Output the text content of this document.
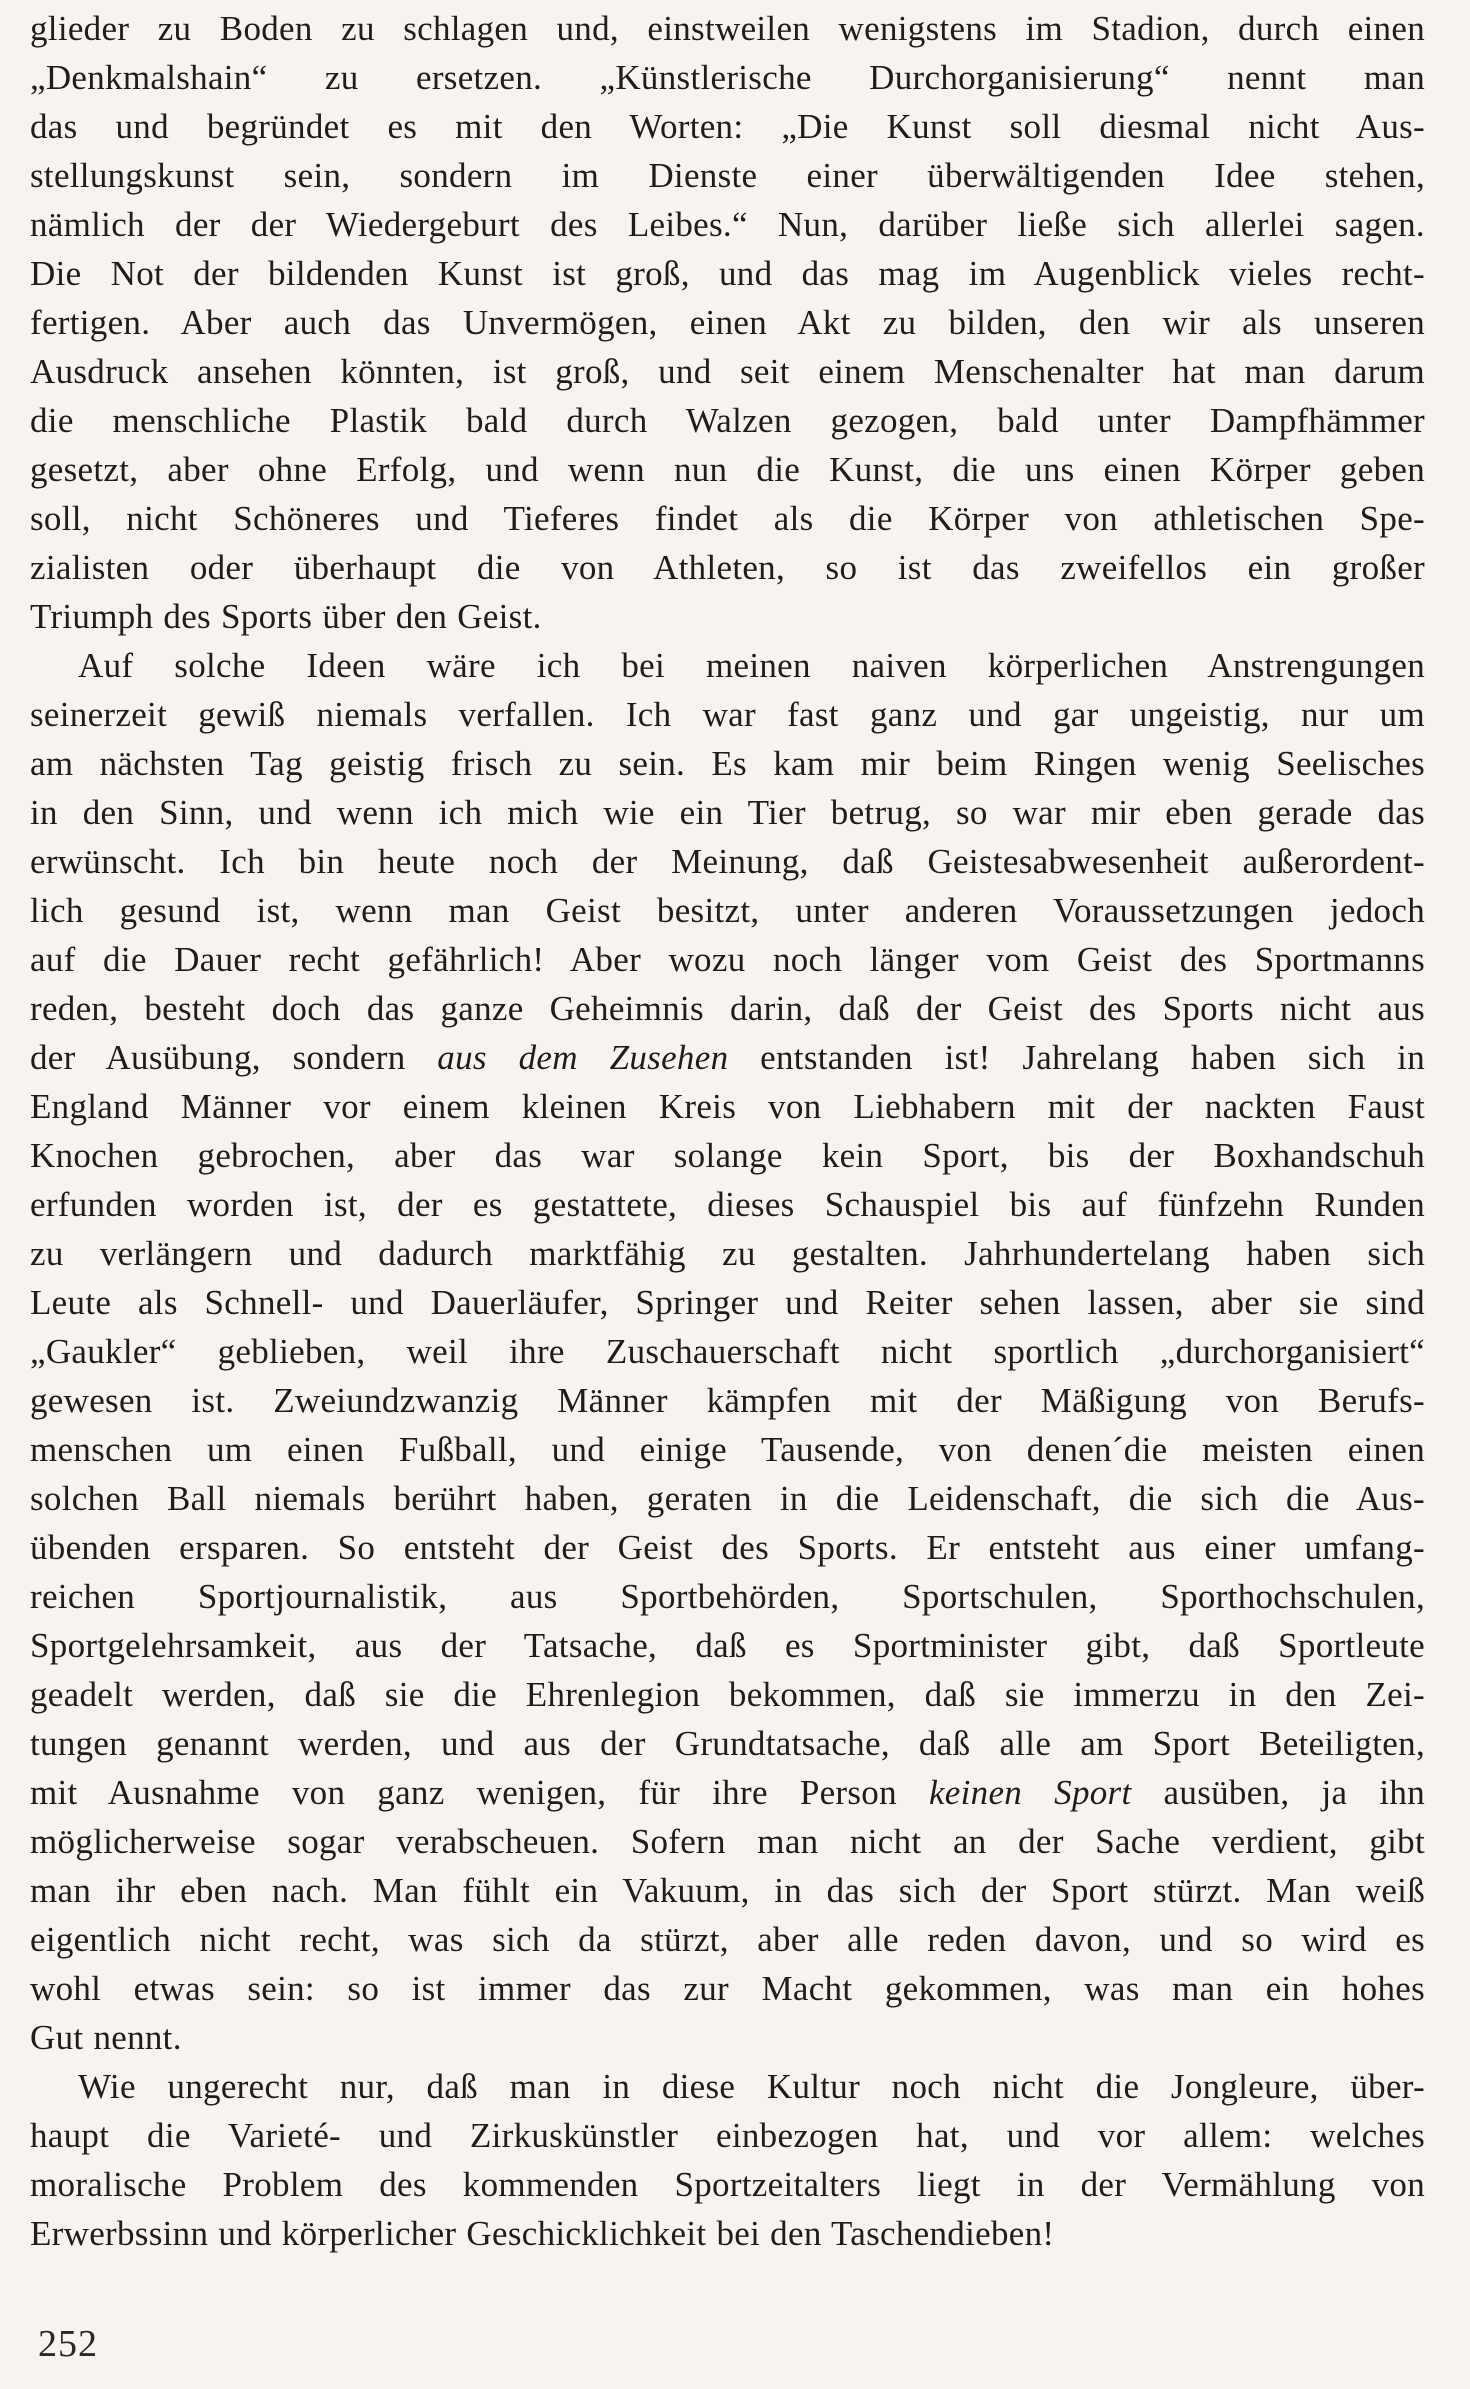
glieder zu Boden zu schlagen und, einstweilen wenigstens im Stadion, durch einen
„Denkmalshain“ zu ersetzen. „Künstlerische Durchorganisierung“ nennt man
das und begründet es mit den Worten: „Die Kunst soll diesmal nicht Aus-
stellungskunst sein, sondern im Dienste einer überwältigenden Idee stehen,
nämlich der der Wiedergeburt des Leibes.“ Nun, darüber ließe sich allerlei sagen.
Die Not der bildenden Kunst ist groß, und das mag im Augenblick vieles recht-
fertigen. Aber auch das Unvermögen, einen Akt zu bilden, den wir als unseren
Ausdruck ansehen könnten, ist groß, und seit einem Menschenalter hat man darum
die menschliche Plastik bald durch Walzen gezogen, bald unter Dampfhämmer
gesetzt, aber ohne Erfolg, und wenn nun die Kunst, die uns einen Körper geben
soll, nicht Schöneres und Tieferes findet als die Körper von athletischen Spe-
zialisten oder überhaupt die von Athleten, so ist das zweifellos ein großer
Triumph des Sports über den Geist.
Auf solche Ideen wäre ich bei meinen naiven körperlichen Anstrengungen
seinerzeit gewiß niemals verfallen. Ich war fast ganz und gar ungeistig, nur um
am nächsten Tag geistig frisch zu sein. Es kam mir beim Ringen wenig Seelisches
in den Sinn, und wenn ich mich wie ein Tier betrug, so war mir eben gerade das
erwünscht. Ich bin heute noch der Meinung, daß Geistesabwesenheit außerordent-
lich gesund ist, wenn man Geist besitzt, unter anderen Voraussetzungen jedoch
auf die Dauer recht gefährlich! Aber wozu noch länger vom Geist des Sportmanns
reden, besteht doch das ganze Geheimnis darin, daß der Geist des Sports nicht aus
der Ausübung, sondern aus dem Zusehen entstanden ist! Jahrelang haben sich in
England Männer vor einem kleinen Kreis von Liebhabern mit der nackten Faust
Knochen gebrochen, aber das war solange kein Sport, bis der Boxhandschuh
erfunden worden ist, der es gestattete, dieses Schauspiel bis auf fünfzehn Runden
zu verlängern und dadurch marktfähig zu gestalten. Jahrhundertelang haben sich
Leute als Schnell- und Dauerläufer, Springer und Reiter sehen lassen, aber sie sind
„Gaukler“ geblieben, weil ihre Zuschauerschaft nicht sportlich „durchorganisiert“
gewesen ist. Zweiundzwanzig Männer kämpfen mit der Mäßigung von Berufs-
menschen um einen Fußball, und einige Tausende, von denen´die meisten einen
solchen Ball niemals berührt haben, geraten in die Leidenschaft, die sich die Aus-
übenden ersparen. So entsteht der Geist des Sports. Er entsteht aus einer umfang-
reichen Sportjournalistik, aus Sportbehörden, Sportschulen, Sporthochschulen,
Sportgelehrsamkeit, aus der Tatsache, daß es Sportminister gibt, daß Sportleute
geadelt werden, daß sie die Ehrenlegion bekommen, daß sie immerzu in den Zei-
tungen genannt werden, und aus der Grundtatsache, daß alle am Sport Beteiligten,
mit Ausnahme von ganz wenigen, für ihre Person keinen Sport ausüben, ja ihn
möglicherweise sogar verabscheuen. Sofern man nicht an der Sache verdient, gibt
man ihr eben nach. Man fühlt ein Vakuum, in das sich der Sport stürzt. Man weiß
eigentlich nicht recht, was sich da stürzt, aber alle reden davon, und so wird es
wohl etwas sein: so ist immer das zur Macht gekommen, was man ein hohes
Gut nennt.
Wie ungerecht nur, daß man in diese Kultur noch nicht die Jongleure, über-
haupt die Varieté- und Zirkuskünstler einbezogen hat, und vor allem: welches
moralische Problem des kommenden Sportzeitalters liegt in der Vermählung von
Erwerbssinn und körperlicher Geschicklichkeit bei den Taschendieben!
252
